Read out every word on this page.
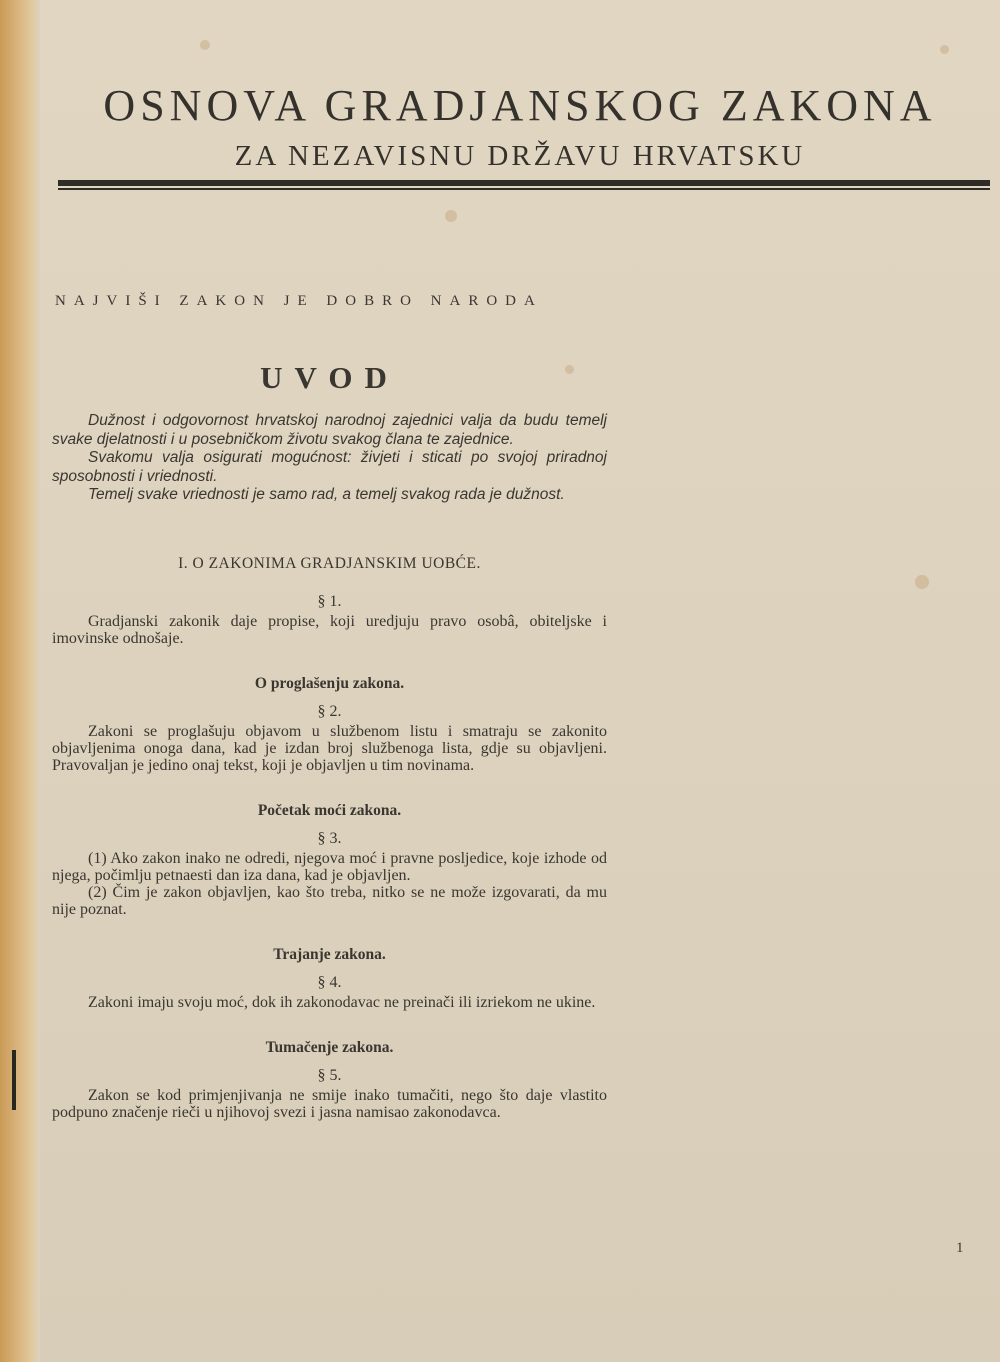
OSNOVA GRADJANSKOG ZAKONA
ZA NEZAVISNU DRŽAVU HRVATSKU
NAJVIŠI ZAKON JE DOBRO NARODA
UVOD

Dužnost i odgovornost hrvatskoj narodnoj zajednici valja da budu temelj svake djelatnosti i u posebničkom životu svakog člana te zajednice.

Svakomu valja osigurati mogućnost: živjeti i sticati po svojoj priradnoj sposobnosti i vriednosti.

Temelj svake vriednosti je samo rad, a temelj svakog rada je dužnost.

I. O ZAKONIMA GRADJANSKIM UOBĆE.
§ 1.

Gradjanski zakonik daje propise, koji uredjuju pravo osobâ, obiteljske i imovinske odnošaje.

O proglašenju zakona.
§ 2.

Zakoni se proglašuju objavom u službenom listu i smatraju se zakonito objavljenima onoga dana, kad je izdan broj službenoga lista, gdje su objavljeni. Pravovaljan je jedino onaj tekst, koji je objavljen u tim novinama.

Početak moći zakona.
§ 3.

(1) Ako zakon inako ne odredi, njegova moć i pravne posljedice, koje izhode od njega, počimlju petnaesti dan iza dana, kad je objavljen.

(2) Čim je zakon objavljen, kao što treba, nitko se ne može izgovarati, da mu nije poznat.

Trajanje zakona.
§ 4.

Zakoni imaju svoju moć, dok ih zakonodavac ne preinači ili izriekom ne ukine.

Tumačenje zakona.
§ 5.

Zakon se kod primjenjivanja ne smije inako tumačiti, nego što daje vlastito podpuno značenje rieči u njihovoj svezi i jasna namisao zakonodavca.

1
